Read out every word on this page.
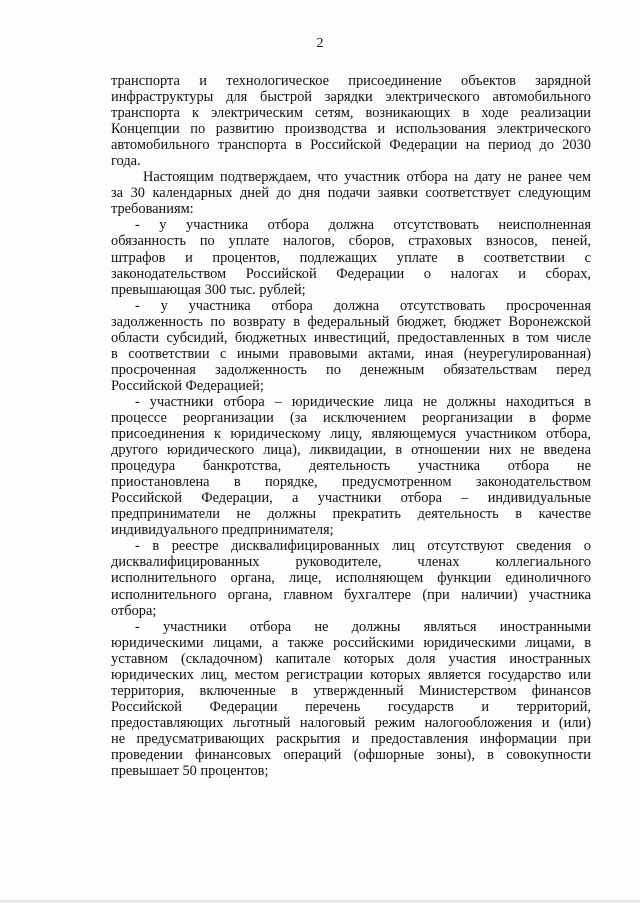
2
транспорта и технологическое присоединение объектов зарядной
инфраструктуры для быстрой зарядки электрического автомобильного
транспорта к электрическим сетям, возникающих в ходе реализации
Концепции по развитию производства и использования электрического
автомобильного транспорта в Российской Федерации на период до 2030
года.
Настоящим подтверждаем, что участник отбора на дату не ранее чем
за 30 календарных дней до дня подачи заявки соответствует следующим
требованиям:
- у участника отбора должна отсутствовать неисполненная
обязанность по уплате налогов, сборов, страховых взносов, пеней,
штрафов и процентов, подлежащих уплате в соответствии с
законодательством Российской Федерации о налогах и сборах,
превышающая 300 тыс. рублей;
- у участника отбора должна отсутствовать просроченная
задолженность по возврату в федеральный бюджет, бюджет Воронежской
области субсидий, бюджетных инвестиций, предоставленных в том числе
в соответствии с иными правовыми актами, иная (неурегулированная)
просроченная задолженность по денежным обязательствам перед
Российской Федерацией;
- участники отбора – юридические лица не должны находиться в
процессе реорганизации (за исключением реорганизации в форме
присоединения к юридическому лицу, являющемуся участником отбора,
другого юридического лица), ликвидации, в отношении них не введена
процедура банкротства, деятельность участника отбора не
приостановлена в порядке, предусмотренном законодательством
Российской Федерации, а участники отбора – индивидуальные
предприниматели не должны прекратить деятельность в качестве
индивидуального предпринимателя;
- в реестре дисквалифицированных лиц отсутствуют сведения о
дисквалифицированных руководителе, членах коллегиального
исполнительного органа, лице, исполняющем функции единоличного
исполнительного органа, главном бухгалтере (при наличии) участника
отбора;
- участники отбора не должны являться иностранными
юридическими лицами, а также российскими юридическими лицами, в
уставном (складочном) капитале которых доля участия иностранных
юридических лиц, местом регистрации которых является государство или
территория, включенные в утвержденный Министерством финансов
Российской Федерации перечень государств и территорий,
предоставляющих льготный налоговый режим налогообложения и (или)
не предусматривающих раскрытия и предоставления информации при
проведении финансовых операций (офшорные зоны), в совокупности
превышает 50 процентов;
